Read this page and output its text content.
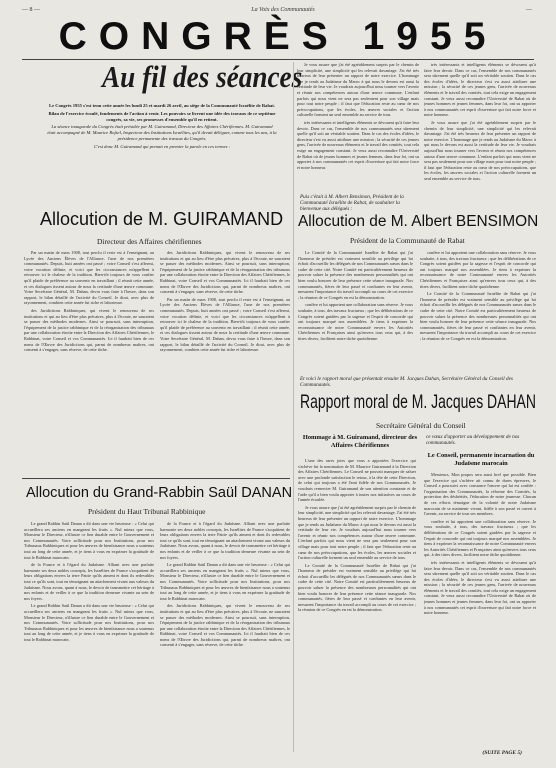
— 8 —	La Voix des Communautés	—
CONGRÈS 1955
Au fil des séances

Le Congrès 1955 s'est tenu cette année les lundi 25 et mardi 26 avril, au siège de la Communauté Israélite de Rabat.

Bilan de l'exercice écoulé, fondements de l'action à venir. Les pouvoirs se livrent une idée des travaux de ce septième congrès, sa vie, ses promesses d'ensemble qu'il en retient.

La séance inaugurale du Congrès était présidée par M. Guiramand, Directeur des Affaires Chérifiennes. M. Guiramand était accompagné de M. Maurice Rofsel, Inspecteur des Institutions Israélites, qu'il devait déléguer, comme tous les ans, à la présidence permanente des travaux du Congrès.

C'est donc M. Guiramand qui prenait en premier la parole en ces termes :

Allocution de M. GUIRAMAND
Directeur des Affaires chérifiennes

Par un matin de mars 1908, tout perclu il reste est à l'enseignant, au Lycée des Anciens Élèves de l'Alliance, l'une de nos premières communautés. Depuis, huit années ont passé ; votre Conseil s'est affermi, votre vocation définie, et voici que les circonstances m'appellent à retrouver ici le chaleur de la tradition. Bien-tôt toujours de vous confier qu'il plaide de préférence au souvenir en travaillant ; il réunit cette année, et ces dialogues tissent autour de nous la certitude d'une œuvre commune. Votre Secrétaire Général, M. Dahan, devra vous faire à l'heure, dans son rapport, le bilan détaillé de l'activité du Conseil. Je dirai, avec plus de rayonnement, combien cette année fut riche et laborieuse.

des Juridictions Rabbiniques, qui vivent le renouveau de ses institutions et qui au lieu d'être plus précaires, plus à l'écoute, ne sauraient se passer des méthodes modernes. Ainsi se poursuit, sans interruption, l'équipement de la justice rabbinique et de la réorganisation des tribunaux par une collaboration étroite entre la Direction des Affaires Chérifiennes, le Rabbinat, votre Conseil et vos Communautés. Ici il faudrait bien de ces noms de l'Œuvre des Juridictions qui, parmi de nombreux maîtres, ont consenti à s'engager, sans réserve, de cette tâche.

des Juridictions Rabbiniques, qui vivent le renouveau de ses institutions et qui au lieu d'être plus précaires, plus à l'écoute, ne sauraient se passer des méthodes modernes. Ainsi se poursuit, sans interruption, l'équipement de la justice rabbinique et de la réorganisation des tribunaux par une collaboration étroite entre la Direction des Affaires Chérifiennes, le Rabbinat, votre Conseil et vos Communautés. Ici il faudrait bien de ces noms de l'Œuvre des Juridictions qui, parmi de nombreux maîtres, ont consenti à s'engager, sans réserve, de cette tâche.

Par un matin de mars 1908, tout perclu il reste est à l'enseignant, au Lycée des Anciens Élèves de l'Alliance, l'une de nos premières communautés. Depuis, huit années ont passé ; votre Conseil s'est affermi, votre vocation définie, et voici que les circonstances m'appellent à retrouver ici le chaleur de la tradition. Bien-tôt toujours de vous confier qu'il plaide de préférence au souvenir en travaillant ; il réunit cette année, et ces dialogues tissent autour de nous la certitude d'une œuvre commune. Votre Secrétaire Général, M. Dahan, devra vous faire à l'heure, dans son rapport, le bilan détaillé de l'activité du Conseil. Je dirai, avec plus de rayonnement, combien cette année fut riche et laborieuse.

Je vous assure que j'ai été agréablement surpris par le chemin de leur simplicité, une simplicité qui les relevait davantage. J'ai été très heureux de leur présenter un rapport de notre exercice. L'hommage que je rends au Judaïsme du Maroc à qui nous le devons est aussi la certitude de leur vie. Je voudrais aujourd'hui nous tourner vers l'avenir et réunir nos compétences autour d'une œuvre commune. L'enfant parfois qui nous vient ne sera pas seulement pour son village mais pour tout notre peuple ; il faut que l'éducation reste au cœur de nos préoccupations, que les écoles, les œuvres sociales et l'action culturelle forment un seul ensemble au service de tous.

très intéressants et intelligents éléments se dévouent qu'à faire leur devoir. Dans ce cas, l'ensemble de nos communautés sera sûrement quelle qu'il soit un véritable soutien. Dans le cas des écoles d'idées, le directeur s'est vu aussi attribuer une mission ; la sécurité de ces jeunes gens, l'arrivée de nouveaux éléments et le travail des comités, tout cela exige un engagement constant. Je veux aussi reconnaître l'Université de Rabat où de jeunes hommes et jeunes femmes, dans leur foi, ont su apporter à nos communautés cet esprit d'ouverture qui fait notre force et notre honneur.

très intéressants et intelligents éléments se dévouent qu'à faire leur devoir. Dans ce cas, l'ensemble de nos communautés sera sûrement quelle qu'il soit un véritable soutien. Dans le cas des écoles d'idées, le directeur s'est vu aussi attribuer une mission ; la sécurité de ces jeunes gens, l'arrivée de nouveaux éléments et le travail des comités, tout cela exige un engagement constant. Je veux aussi reconnaître l'Université de Rabat où de jeunes hommes et jeunes femmes, dans leur foi, ont su apporter à nos communautés cet esprit d'ouverture qui fait notre force et notre honneur.

Je vous assure que j'ai été agréablement surpris par le chemin de leur simplicité, une simplicité qui les relevait davantage. J'ai été très heureux de leur présenter un rapport de notre exercice. L'hommage que je rends au Judaïsme du Maroc à qui nous le devons est aussi la certitude de leur vie. Je voudrais aujourd'hui nous tourner vers l'avenir et réunir nos compétences autour d'une œuvre commune. L'enfant parfois qui nous vient ne sera pas seulement pour son village mais pour tout notre peuple ; il faut que l'éducation reste au cœur de nos préoccupations, que les écoles, les œuvres sociales et l'action culturelle forment un seul ensemble au service de tous.

Puis c'était à M. Albert Bensimon, Président de la Communauté Israélite de Rabat, de souhaiter la bienvenue aux délégués :
Allocution de M. Albert BENSIMON
Président de la Communauté de Rabat

Le Comité de la Communauté Israélite de Rabat qui j'ai l'honneur de présider est vraiment sensible au privilège qui lui échoit d'accueillir les délégués de nos Communautés sœurs dans le cadre de cette cité. Notre Comité est particulièrement heureux de pouvoir saluer la présence des nombreuses personnalités qui ont bien voulu honorer de leur présence cette séance inaugurale. Nos communautés, fières de leur passé et confiantes en leur avenir, mesurent l'importance du travail accompli au cours de cet exercice ; la réunion de ce Congrès en est la démonstration.

confère et lui apportent une collaboration sans réserve. Je vous souhaite, à tous, des travaux fructueux ; que les délibérations de ce Congrès soient guidées par la sagesse et l'esprit de concorde qui ont toujours marqué nos assemblées. Je tiens à exprimer la reconnaissance de notre Communauté envers les Autorités Chérifiennes et Françaises ainsi qu'envers tous ceux qui, à des titres divers, facilitent notre tâche quotidienne.

confère et lui apportent une collaboration sans réserve. Je vous souhaite, à tous, des travaux fructueux ; que les délibérations de ce Congrès soient guidées par la sagesse et l'esprit de concorde qui ont toujours marqué nos assemblées. Je tiens à exprimer la reconnaissance de notre Communauté envers les Autorités Chérifiennes et Françaises ainsi qu'envers tous ceux qui, à des titres divers, facilitent notre tâche quotidienne.

Le Comité de la Communauté Israélite de Rabat qui j'ai l'honneur de présider est vraiment sensible au privilège qui lui échoit d'accueillir les délégués de nos Communautés sœurs dans le cadre de cette cité. Notre Comité est particulièrement heureux de pouvoir saluer la présence des nombreuses personnalités qui ont bien voulu honorer de leur présence cette séance inaugurale. Nos communautés, fières de leur passé et confiantes en leur avenir, mesurent l'importance du travail accompli au cours de cet exercice ; la réunion de ce Congrès en est la démonstration.

Et voici le rapport moral que présentait ensuite M. Jacques Dahan, Secrétaire Général du Conseil des Communautés.
Rapport moral de M. Jacques DAHAN
Secrétaire Général du Conseil
Hommage à M. Guiramand, directeur des Affaires Chérifiennes
ce vœux d'apporter au développement de nos communautés.
Le Conseil, permanente incarnation du Judaïsme marocain

L'une des rares joies que vous a apportées l'exercice qui s'achève fut la nomination de M. Maurice Guiramand à la Direction des Affaires Chérifiennes. Le Conseil ne pouvait manquer de saluer avec une profonde satisfaction le retour, à la tête de cette Direction, de celui qui toujours a été l'ami fidèle de nos Communautés. Je voudrais remercier M. Guiramand de son attention constante et de l'aide qu'il a bien voulu apporter à toutes nos initiatives au cours de l'année écoulée.

Je vous assure que j'ai été agréablement surpris par le chemin de leur simplicité, une simplicité qui les relevait davantage. J'ai été très heureux de leur présenter un rapport de notre exercice. L'hommage que je rends au Judaïsme du Maroc à qui nous le devons est aussi la certitude de leur vie. Je voudrais aujourd'hui nous tourner vers l'avenir et réunir nos compétences autour d'une œuvre commune. L'enfant parfois qui nous vient ne sera pas seulement pour son village mais pour tout notre peuple ; il faut que l'éducation reste au cœur de nos préoccupations, que les écoles, les œuvres sociales et l'action culturelle forment un seul ensemble au service de tous.

Le Comité de la Communauté Israélite de Rabat qui j'ai l'honneur de présider est vraiment sensible au privilège qui lui échoit d'accueillir les délégués de nos Communautés sœurs dans le cadre de cette cité. Notre Comité est particulièrement heureux de pouvoir saluer la présence des nombreuses personnalités qui ont bien voulu honorer de leur présence cette séance inaugurale. Nos communautés, fières de leur passé et confiantes en leur avenir, mesurent l'importance du travail accompli au cours de cet exercice ; la réunion de ce Congrès en est la démonstration.

Messieurs, Mon propos sera aussi bref que possible. Bien que l'exercice qui s'achève ait connu de dures épreuves, le Conseil a poursuivi avec constance l'œuvre qui lui est confiée : l'organisation des Communautés, la réforme des Comités, la protection des déshérités, l'éducation de notre jeunesse. Chacun de ces efforts témoigne de la volonté de notre Judaïsme marocain de se maintenir vivant, fidèle à son passé et ouvert à l'avenir, au service de tous ses membres.

confère et lui apportent une collaboration sans réserve. Je vous souhaite, à tous, des travaux fructueux ; que les délibérations de ce Congrès soient guidées par la sagesse et l'esprit de concorde qui ont toujours marqué nos assemblées. Je tiens à exprimer la reconnaissance de notre Communauté envers les Autorités Chérifiennes et Françaises ainsi qu'envers tous ceux qui, à des titres divers, facilitent notre tâche quotidienne.

très intéressants et intelligents éléments se dévouent qu'à faire leur devoir. Dans ce cas, l'ensemble de nos communautés sera sûrement quelle qu'il soit un véritable soutien. Dans le cas des écoles d'idées, le directeur s'est vu aussi attribuer une mission ; la sécurité de ces jeunes gens, l'arrivée de nouveaux éléments et le travail des comités, tout cela exige un engagement constant. Je veux aussi reconnaître l'Université de Rabat où de jeunes hommes et jeunes femmes, dans leur foi, ont su apporter à nos communautés cet esprit d'ouverture qui fait notre force et notre honneur.

Allocution du Grand-Rabbin Saül DANAN
Président du Haut Tribunal Rabbinique

Le grand Rabbin Saül Danan a dit dans une vie heureuse : « Celui qui accueillera ses anciens en mangeant les fruits ». Nul mieux que vous, Monsieur le Directeur, n'illustre ce lien durable entre le Gouvernement et nos Communautés. Votre sollicitude pour nos Institutions, pour nos Tribunaux Rabbiniques et pour les œuvres de bienfaisance nous a soutenus tout au long de cette année, et je tiens à vous en exprimer la gratitude de tout le Rabbinat marocain.

de la France et à l'égard du Judaïsme. Alliant avec une parfaite harmonie ses deux nobles concepts, les Israélites de France s'acquittent de leurs obligations envers la terre Patrie qu'ils aiment et dont ils redevables tout ce qu'ils sont, tout en témoignant un attachement vivant aux valeurs du Judaïsme. Nous avons, quant à nous, le devoir de transmettre cet héritage à nos enfants et de veiller à ce que la tradition demeure vivante au sein de nos foyers.

Le grand Rabbin Saül Danan a dit dans une vie heureuse : « Celui qui accueillera ses anciens en mangeant les fruits ». Nul mieux que vous, Monsieur le Directeur, n'illustre ce lien durable entre le Gouvernement et nos Communautés. Votre sollicitude pour nos Institutions, pour nos Tribunaux Rabbiniques et pour les œuvres de bienfaisance nous a soutenus tout au long de cette année, et je tiens à vous en exprimer la gratitude de tout le Rabbinat marocain.

de la France et à l'égard du Judaïsme. Alliant avec une parfaite harmonie ses deux nobles concepts, les Israélites de France s'acquittent de leurs obligations envers la terre Patrie qu'ils aiment et dont ils redevables tout ce qu'ils sont, tout en témoignant un attachement vivant aux valeurs du Judaïsme. Nous avons, quant à nous, le devoir de transmettre cet héritage à nos enfants et de veiller à ce que la tradition demeure vivante au sein de nos foyers.

Le grand Rabbin Saül Danan a dit dans une vie heureuse : « Celui qui accueillera ses anciens en mangeant les fruits ». Nul mieux que vous, Monsieur le Directeur, n'illustre ce lien durable entre le Gouvernement et nos Communautés. Votre sollicitude pour nos Institutions, pour nos Tribunaux Rabbiniques et pour les œuvres de bienfaisance nous a soutenus tout au long de cette année, et je tiens à vous en exprimer la gratitude de tout le Rabbinat marocain.

des Juridictions Rabbiniques, qui vivent le renouveau de ses institutions et qui au lieu d'être plus précaires, plus à l'écoute, ne sauraient se passer des méthodes modernes. Ainsi se poursuit, sans interruption, l'équipement de la justice rabbinique et de la réorganisation des tribunaux par une collaboration étroite entre la Direction des Affaires Chérifiennes, le Rabbinat, votre Conseil et vos Communautés. Ici il faudrait bien de ces noms de l'Œuvre des Juridictions qui, parmi de nombreux maîtres, ont consenti à s'engager, sans réserve, de cette tâche.

(SUITE PAGE 5)
